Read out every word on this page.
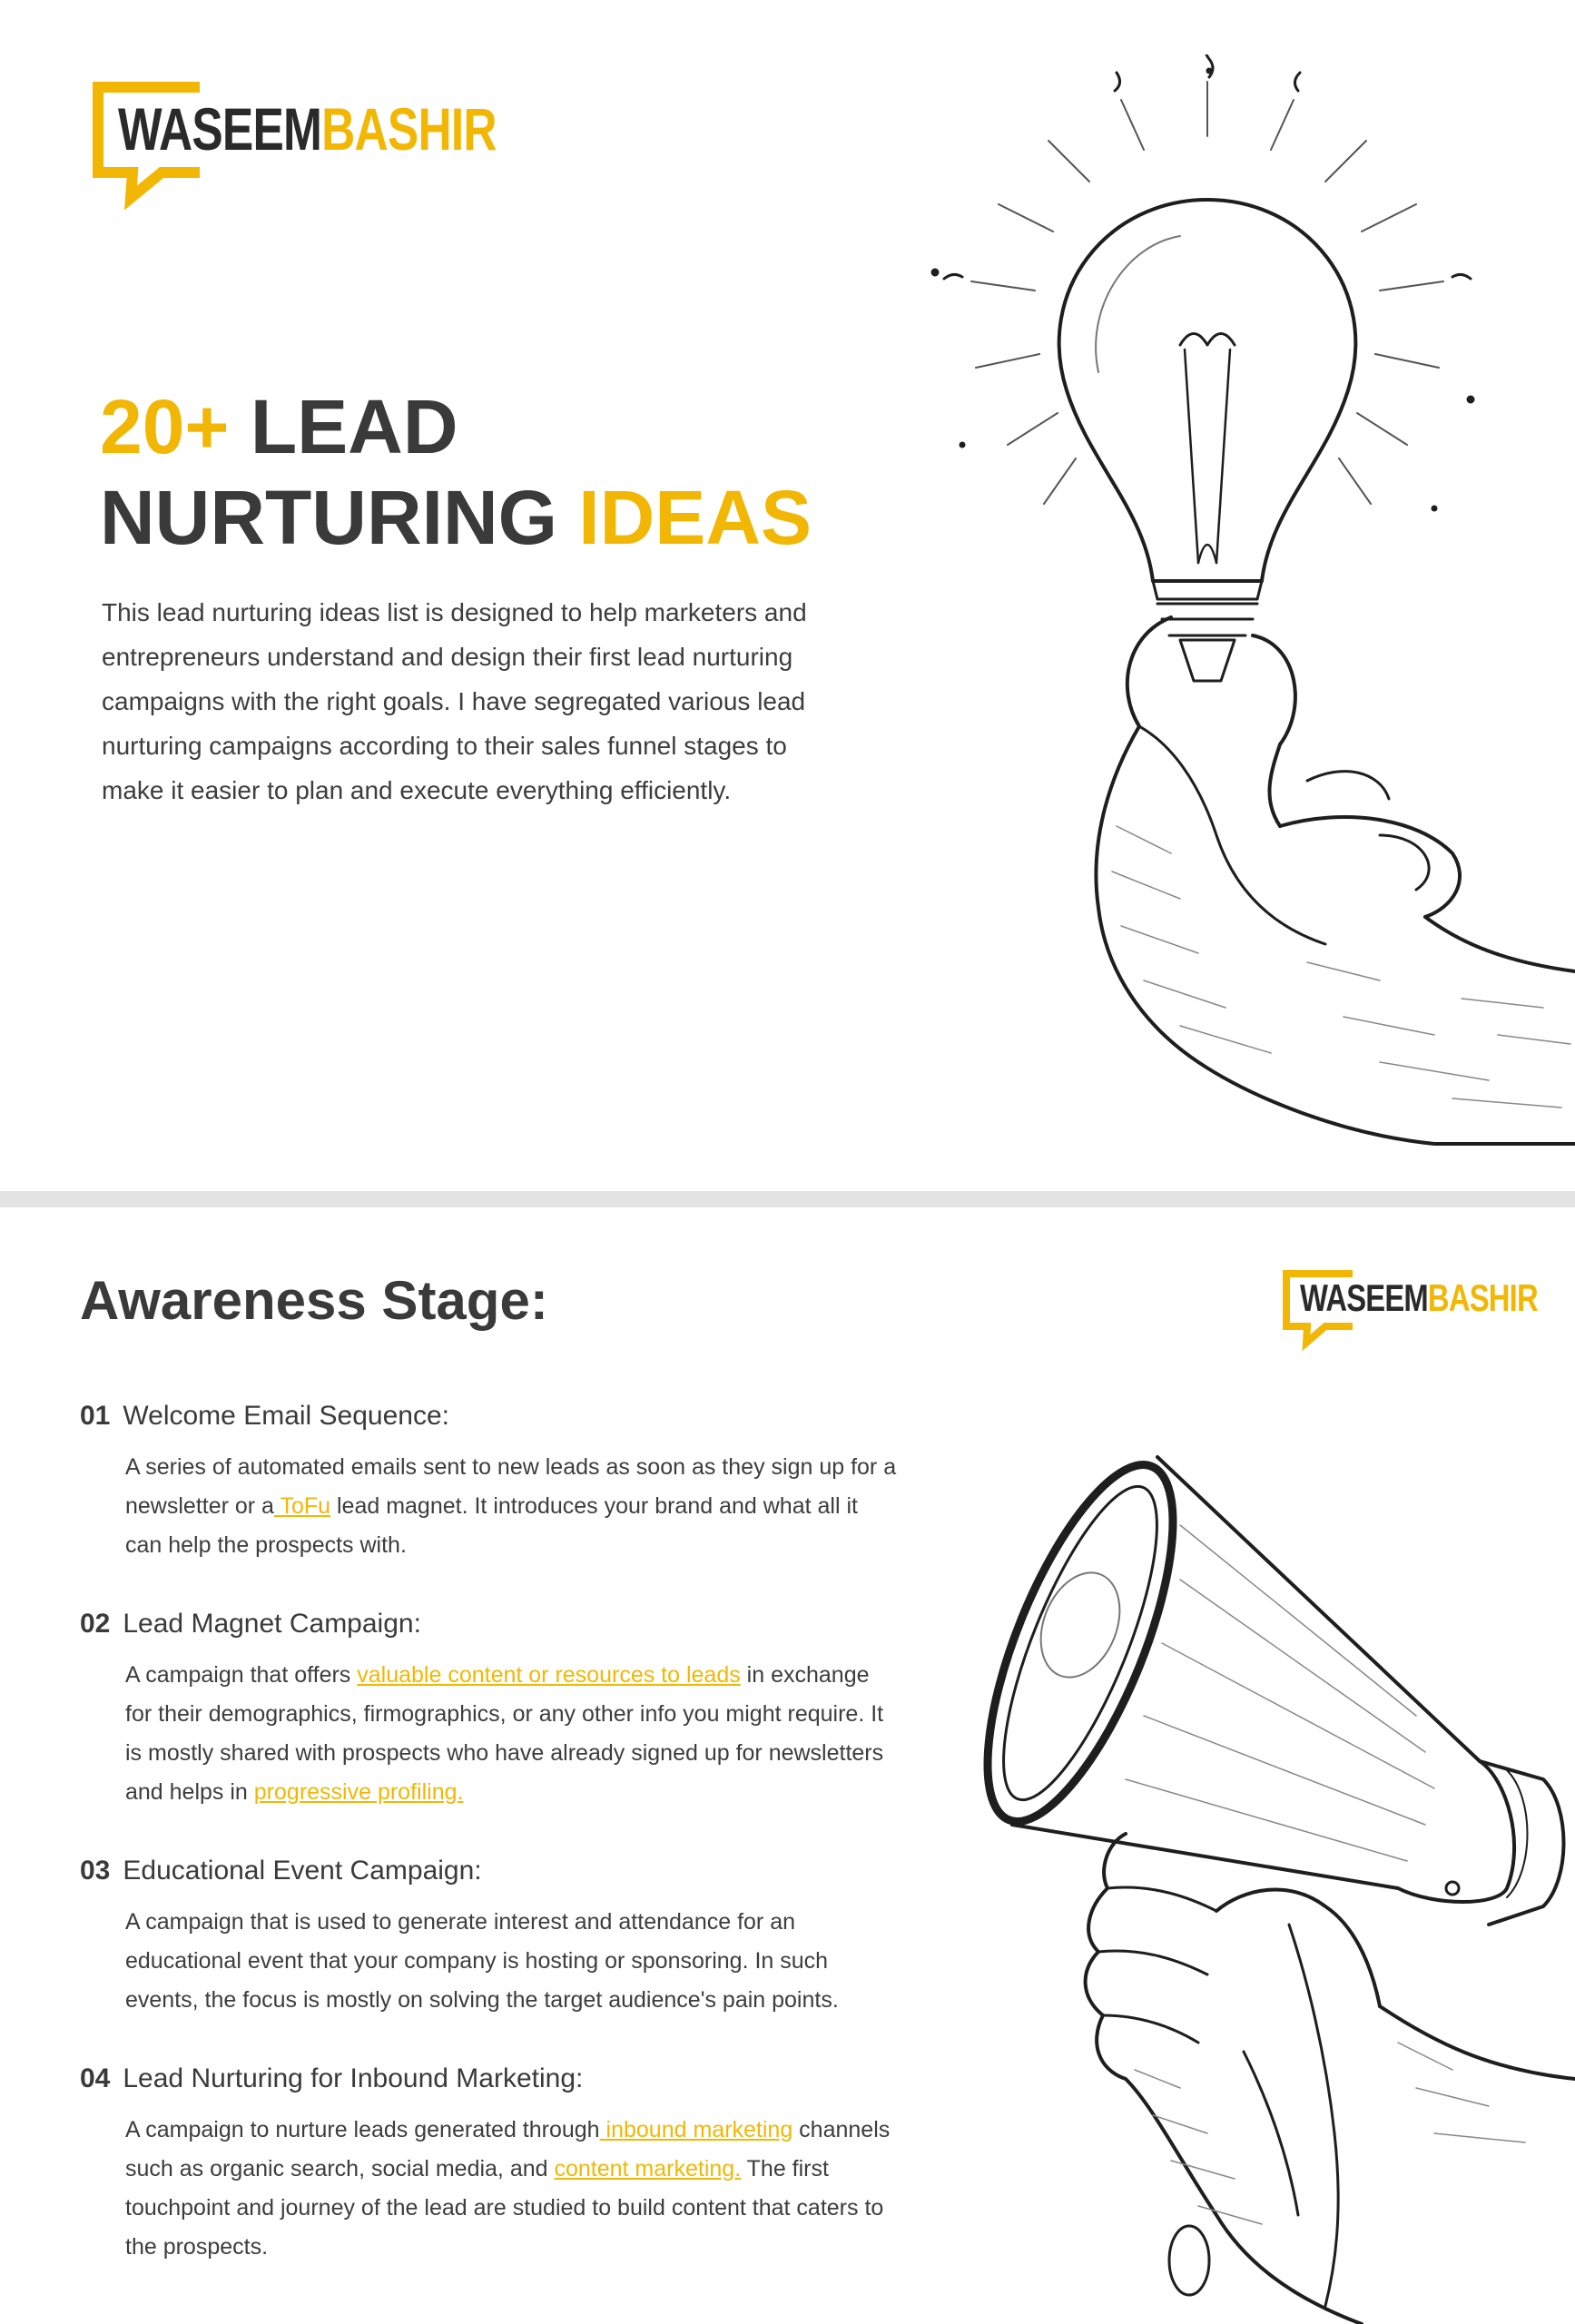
WASEEMBASHIR
20+ LEAD
NURTURING IDEAS

This lead nurturing ideas list is designed to help marketers and entrepreneurs understand and design their first lead nurturing campaigns with the right goals. I have segregated various lead nurturing campaigns according to their sales funnel stages to make it easier to plan and execute everything efficiently.

Awareness Stage:	WASEEMBASHIR
01 Welcome Email Sequence:

A series of automated emails sent to new leads as soon as they sign up for a newsletter or a ToFu lead magnet. It introduces your brand and what all it can help the prospects with.

02 Lead Magnet Campaign:

A campaign that offers valuable content or resources to leads in exchange for their demographics, firmographics, or any other info you might require. It is mostly shared with prospects who have already signed up for newsletters and helps in progressive profiling.

03 Educational Event Campaign:

A campaign that is used to generate interest and attendance for an educational event that your company is hosting or sponsoring. In such events, the focus is mostly on solving the target audience's pain points.

04 Lead Nurturing for Inbound Marketing:

A campaign to nurture leads generated through inbound marketing channels such as organic search, social media, and content marketing. The first touchpoint and journey of the lead are studied to build content that caters to the prospects.
